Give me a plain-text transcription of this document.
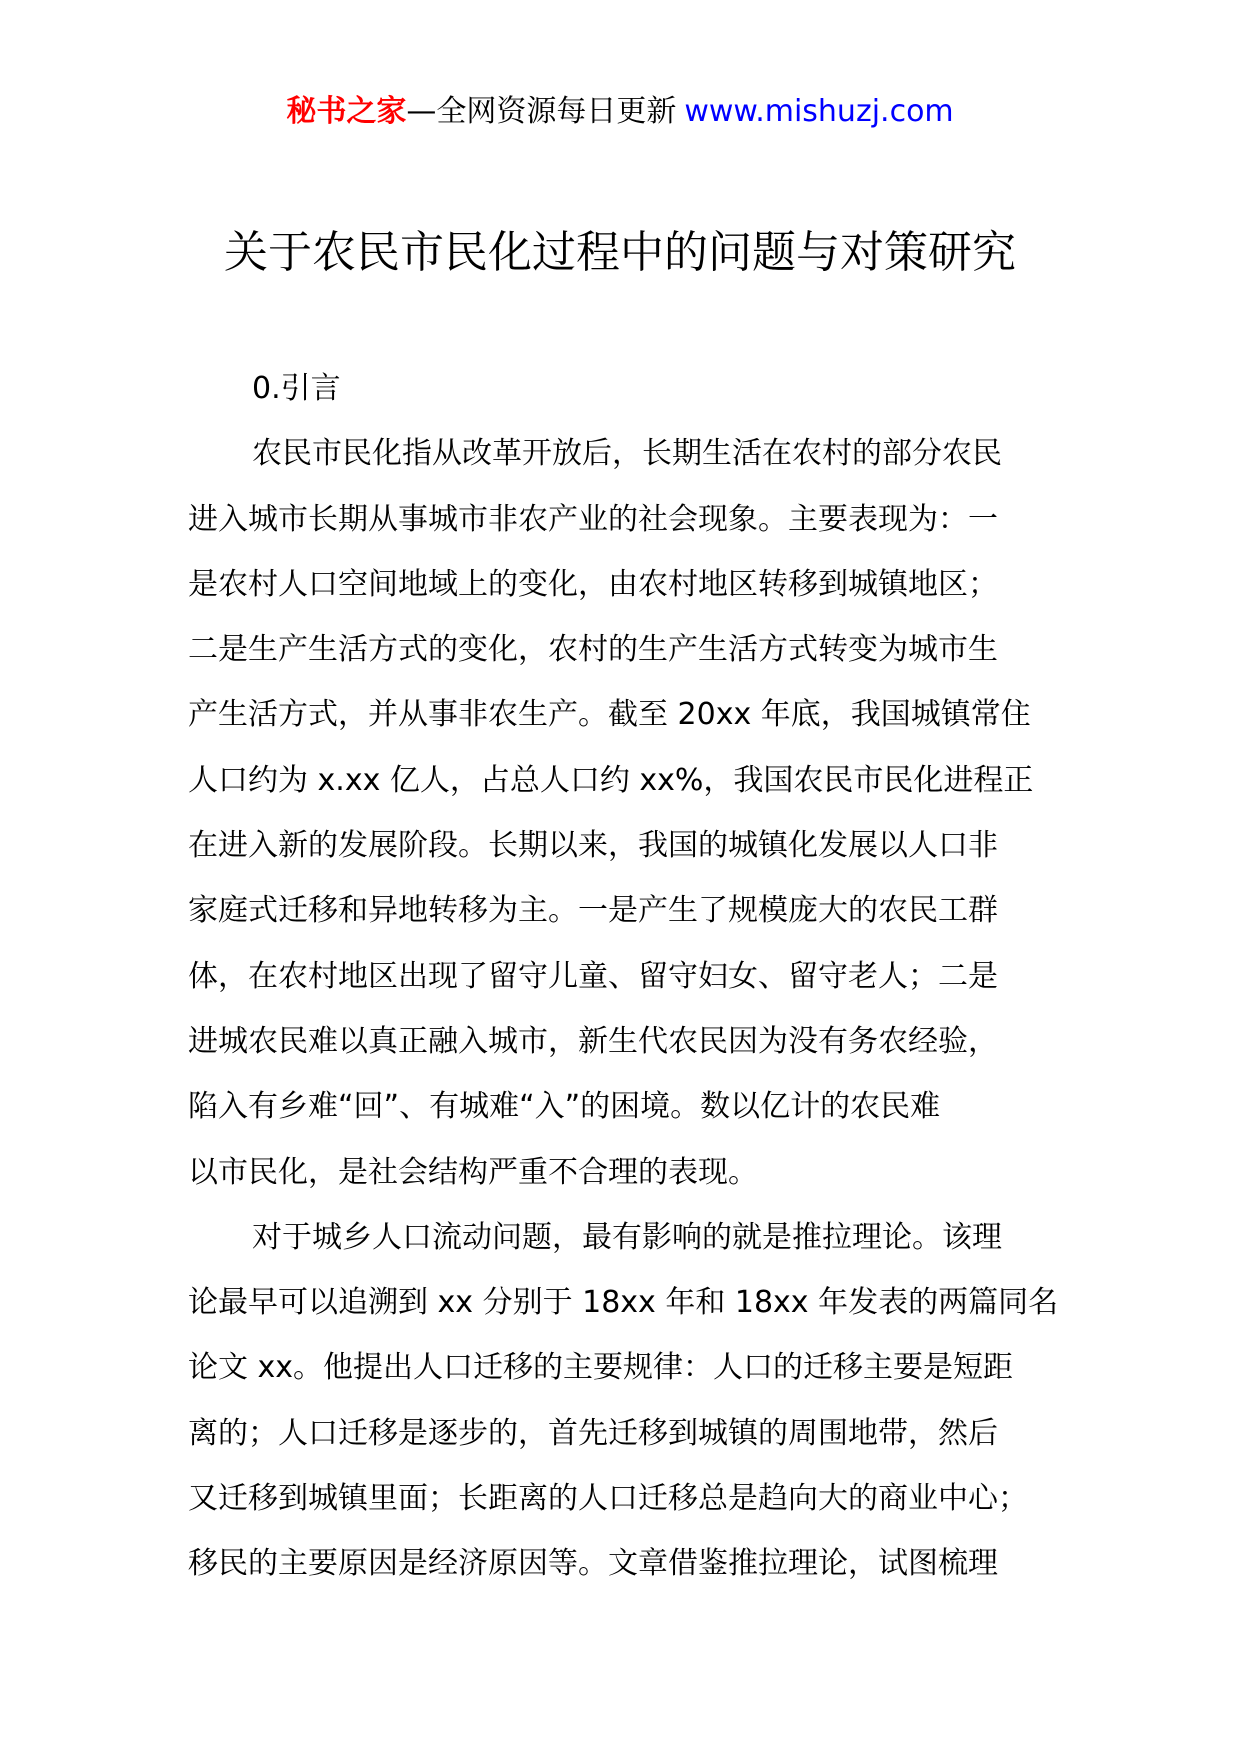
秘书之家—全网资源每日更新 www.mishuzj.com
关于农民市民化过程中的问题与对策研究
0.引言

农民市民化指从改革开放后，长期生活在农村的部分农民
进入城市长期从事城市非农产业的社会现象。主要表现为：一
是农村人口空间地域上的变化，由农村地区转移到城镇地区；
二是生产生活方式的变化，农村的生产生活方式转变为城市生
产生活方式，并从事非农生产。截至 20xx 年底，我国城镇常住
人口约为 x.xx 亿人，占总人口约 xx%，我国农民市民化进程正
在进入新的发展阶段。长期以来，我国的城镇化发展以人口非
家庭式迁移和异地转移为主。一是产生了规模庞大的农民工群
体，在农村地区出现了留守儿童、留守妇女、留守老人；二是
进城农民难以真正融入城市，新生代农民因为没有务农经验，
陷入有乡难“回”、有城难“入”的困境。数以亿计的农民难
以市民化，是社会结构严重不合理的表现。

对于城乡人口流动问题，最有影响的就是推拉理论。该理
论最早可以追溯到 xx 分别于 18xx 年和 18xx 年发表的两篇同名
论文 xx。他提出人口迁移的主要规律：人口的迁移主要是短距
离的；人口迁移是逐步的，首先迁移到城镇的周围地带，然后
又迁移到城镇里面；长距离的人口迁移总是趋向大的商业中心；
移民的主要原因是经济原因等。文章借鉴推拉理论，试图梳理
